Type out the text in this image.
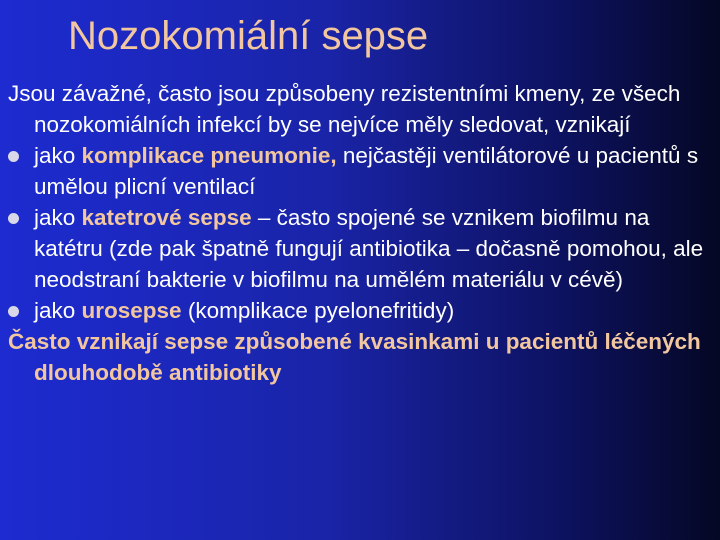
Nozokomiální sepse

Jsou závažné, často jsou způsobeny rezistentními kmeny, ze všech nozokomiálních infekcí by se nejvíce měly sledovat, vznikají

jako komplikace pneumonie, nejčastěji ventilátorové u pacientů s umělou plicní ventilací

jako katetrové sepse – často spojené se vznikem biofilmu na katétru (zde pak špatně fungují antibiotika – dočasně pomohou, ale neodstraní bakterie v biofilmu na umělém materiálu v cévě)

jako urosepse (komplikace pyelonefritidy)

Často vznikají sepse způsobené kvasinkami u pacientů léčených dlouhodobě antibiotiky
